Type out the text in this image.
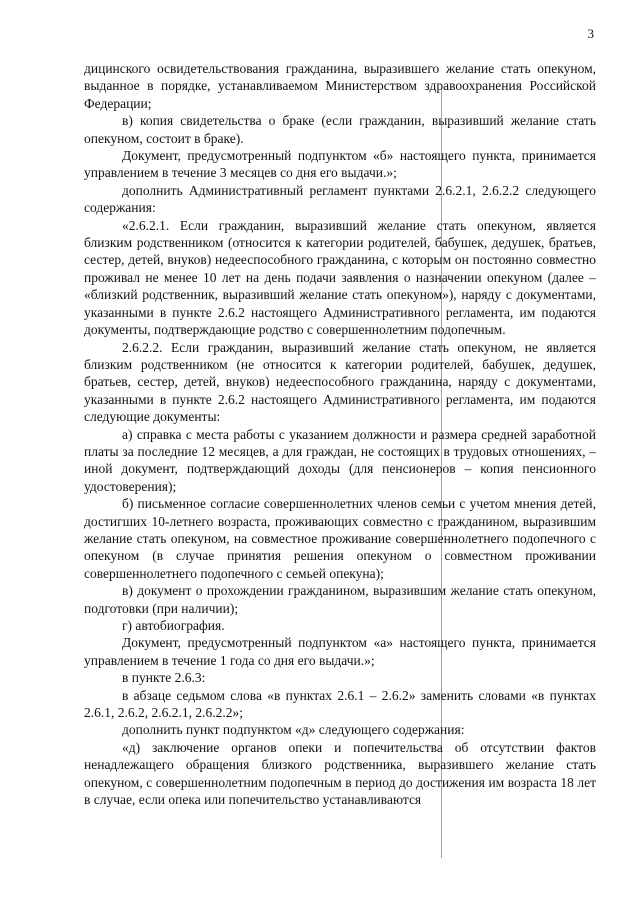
3

дицинского освидетельствования гражданина, выразившего желание стать опекуном, выданное в порядке, устанавливаемом Министерством здравоохранения Российской Федерации;

в) копия свидетельства о браке (если гражданин, выразивший желание стать опекуном, состоит в браке).

Документ, предусмотренный подпунктом «б» настоящего пункта, принимается управлением в течение 3 месяцев со дня его выдачи.»;

дополнить Административный регламент пунктами 2.6.2.1, 2.6.2.2 следующего содержания:

«2.6.2.1. Если гражданин, выразивший желание стать опекуном, является близким родственником (относится к категории родителей, бабушек, дедушек, братьев, сестер, детей, внуков) недееспособного гражданина, с которым он постоянно совместно проживал не менее 10 лет на день подачи заявления о назначении опекуном (далее – «близкий родственник, выразивший желание стать опекуном»), наряду с документами, указанными в пункте 2.6.2 настоящего Административного регламента, им подаются документы, подтверждающие родство с совершеннолетним подопечным.

2.6.2.2. Если гражданин, выразивший желание стать опекуном, не является близким родственником (не относится к категории родителей, бабушек, дедушек, братьев, сестер, детей, внуков) недееспособного гражданина, наряду с документами, указанными в пункте 2.6.2 настоящего Административного регламента, им подаются следующие документы:

а) справка с места работы с указанием должности и размера средней заработной платы за последние 12 месяцев, а для граждан, не состоящих в трудовых отношениях, – иной документ, подтверждающий доходы (для пенсионеров – копия пенсионного удостоверения);

б) письменное согласие совершеннолетних членов семьи с учетом мнения детей, достигших 10-летнего возраста, проживающих совместно с гражданином, выразившим желание стать опекуном, на совместное проживание совершеннолетнего подопечного с опекуном (в случае принятия решения опекуном о совместном проживании совершеннолетнего подопечного с семьей опекуна);

в) документ о прохождении гражданином, выразившим желание стать опекуном, подготовки (при наличии);

г) автобиография.

Документ, предусмотренный подпунктом «а» настоящего пункта, принимается управлением в течение 1 года со дня его выдачи.»;

в пункте 2.6.3:

в абзаце седьмом слова «в пунктах 2.6.1 – 2.6.2» заменить словами «в пунктах 2.6.1, 2.6.2, 2.6.2.1, 2.6.2.2»;

дополнить пункт подпунктом «д» следующего содержания:

«д) заключение органов опеки и попечительства об отсутствии фактов ненадлежащего обращения близкого родственника, выразившего желание стать опекуном, с совершеннолетним подопечным в период до достижения им возраста 18 лет в случае, если опека или попечительство устанавливаются
